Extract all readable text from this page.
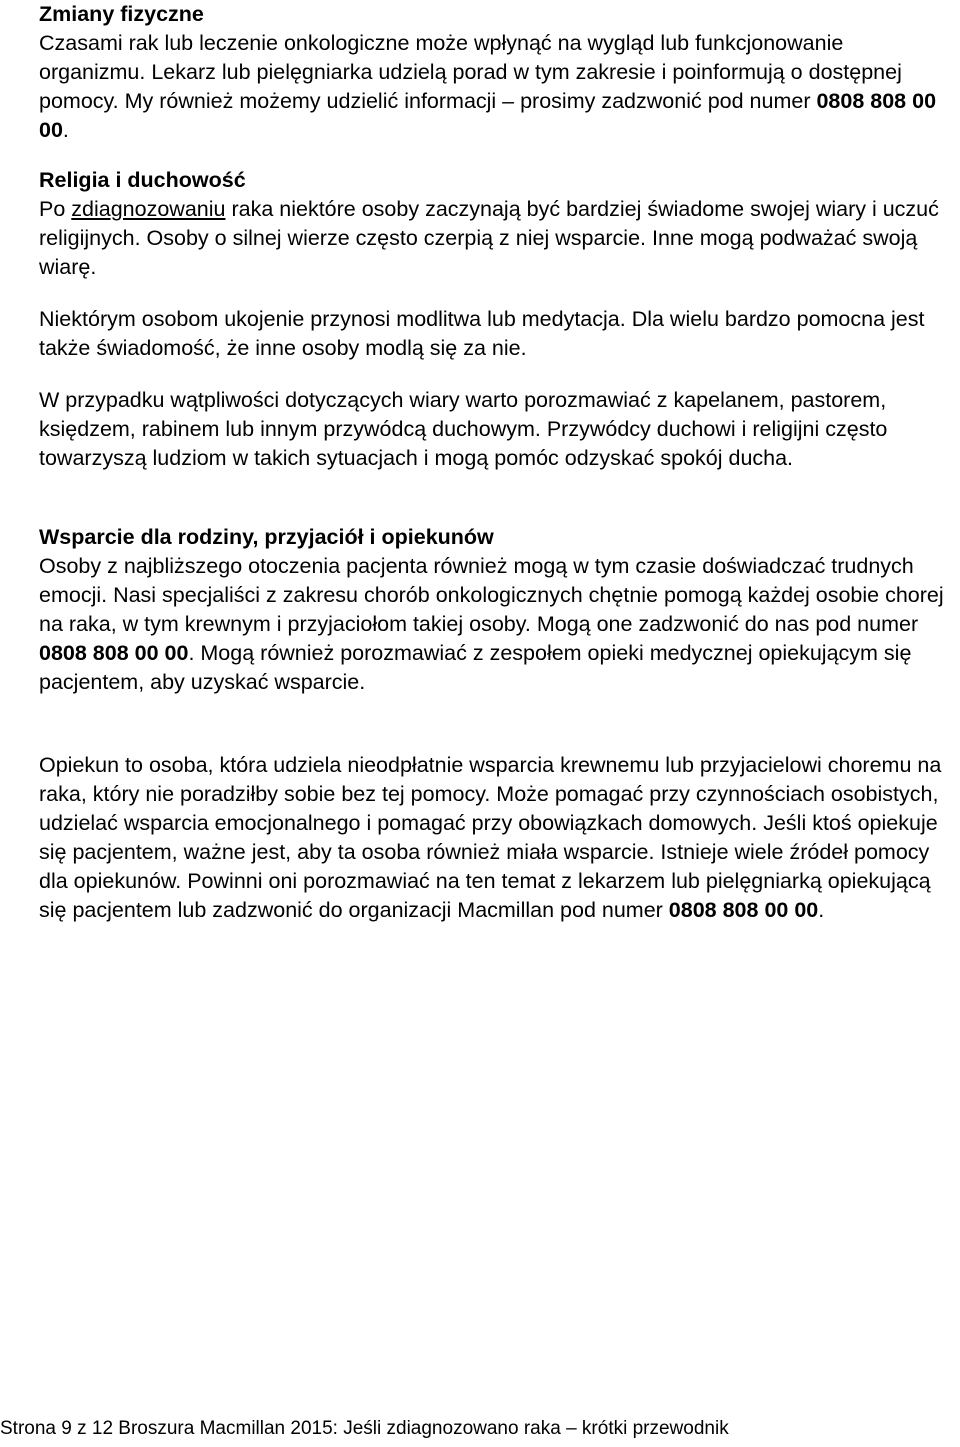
Zmiany fizyczne

Czasami rak lub leczenie onkologiczne może wpłynąć na wygląd lub funkcjonowanie organizmu. Lekarz lub pielęgniarka udzielą porad w tym zakresie i poinformują o dostępnej pomocy. My również możemy udzielić informacji – prosimy zadzwonić pod numer 0808 808 00 00.

Religia i duchowość

Po zdiagnozowaniu raka niektóre osoby zaczynają być bardziej świadome swojej wiary i uczuć religijnych. Osoby o silnej wierze często czerpią z niej wsparcie. Inne mogą podważać swoją wiarę.

Niektórym osobom ukojenie przynosi modlitwa lub medytacja. Dla wielu bardzo pomocna jest także świadomość, że inne osoby modlą się za nie.

W przypadku wątpliwości dotyczących wiary warto porozmawiać z kapelanem, pastorem, księdzem, rabinem lub innym przywódcą duchowym. Przywódcy duchowi i religijni często towarzyszą ludziom w takich sytuacjach i mogą pomóc odzyskać spokój ducha.

Wsparcie dla rodziny, przyjaciół i opiekunów

Osoby z najbliższego otoczenia pacjenta również mogą w tym czasie doświadczać trudnych emocji. Nasi specjaliści z zakresu chorób onkologicznych chętnie pomogą każdej osobie chorej na raka, w tym krewnym i przyjaciołom takiej osoby. Mogą one zadzwonić do nas pod numer 0808 808 00 00. Mogą również porozmawiać z zespołem opieki medycznej opiekującym się pacjentem, aby uzyskać wsparcie.

Opiekun to osoba, która udziela nieodpłatnie wsparcia krewnemu lub przyjacielowi choremu na raka, który nie poradziłby sobie bez tej pomocy. Może pomagać przy czynnościach osobistych, udzielać wsparcia emocjonalnego i pomagać przy obowiązkach domowych. Jeśli ktoś opiekuje się pacjentem, ważne jest, aby ta osoba również miała wsparcie. Istnieje wiele źródeł pomocy dla opiekunów. Powinni oni porozmawiać na ten temat z lekarzem lub pielęgniarką opiekującą się pacjentem lub zadzwonić do organizacji Macmillan pod numer 0808 808 00 00.

Strona 9 z 12 Broszura Macmillan 2015: Jeśli zdiagnozowano raka – krótki przewodnik
